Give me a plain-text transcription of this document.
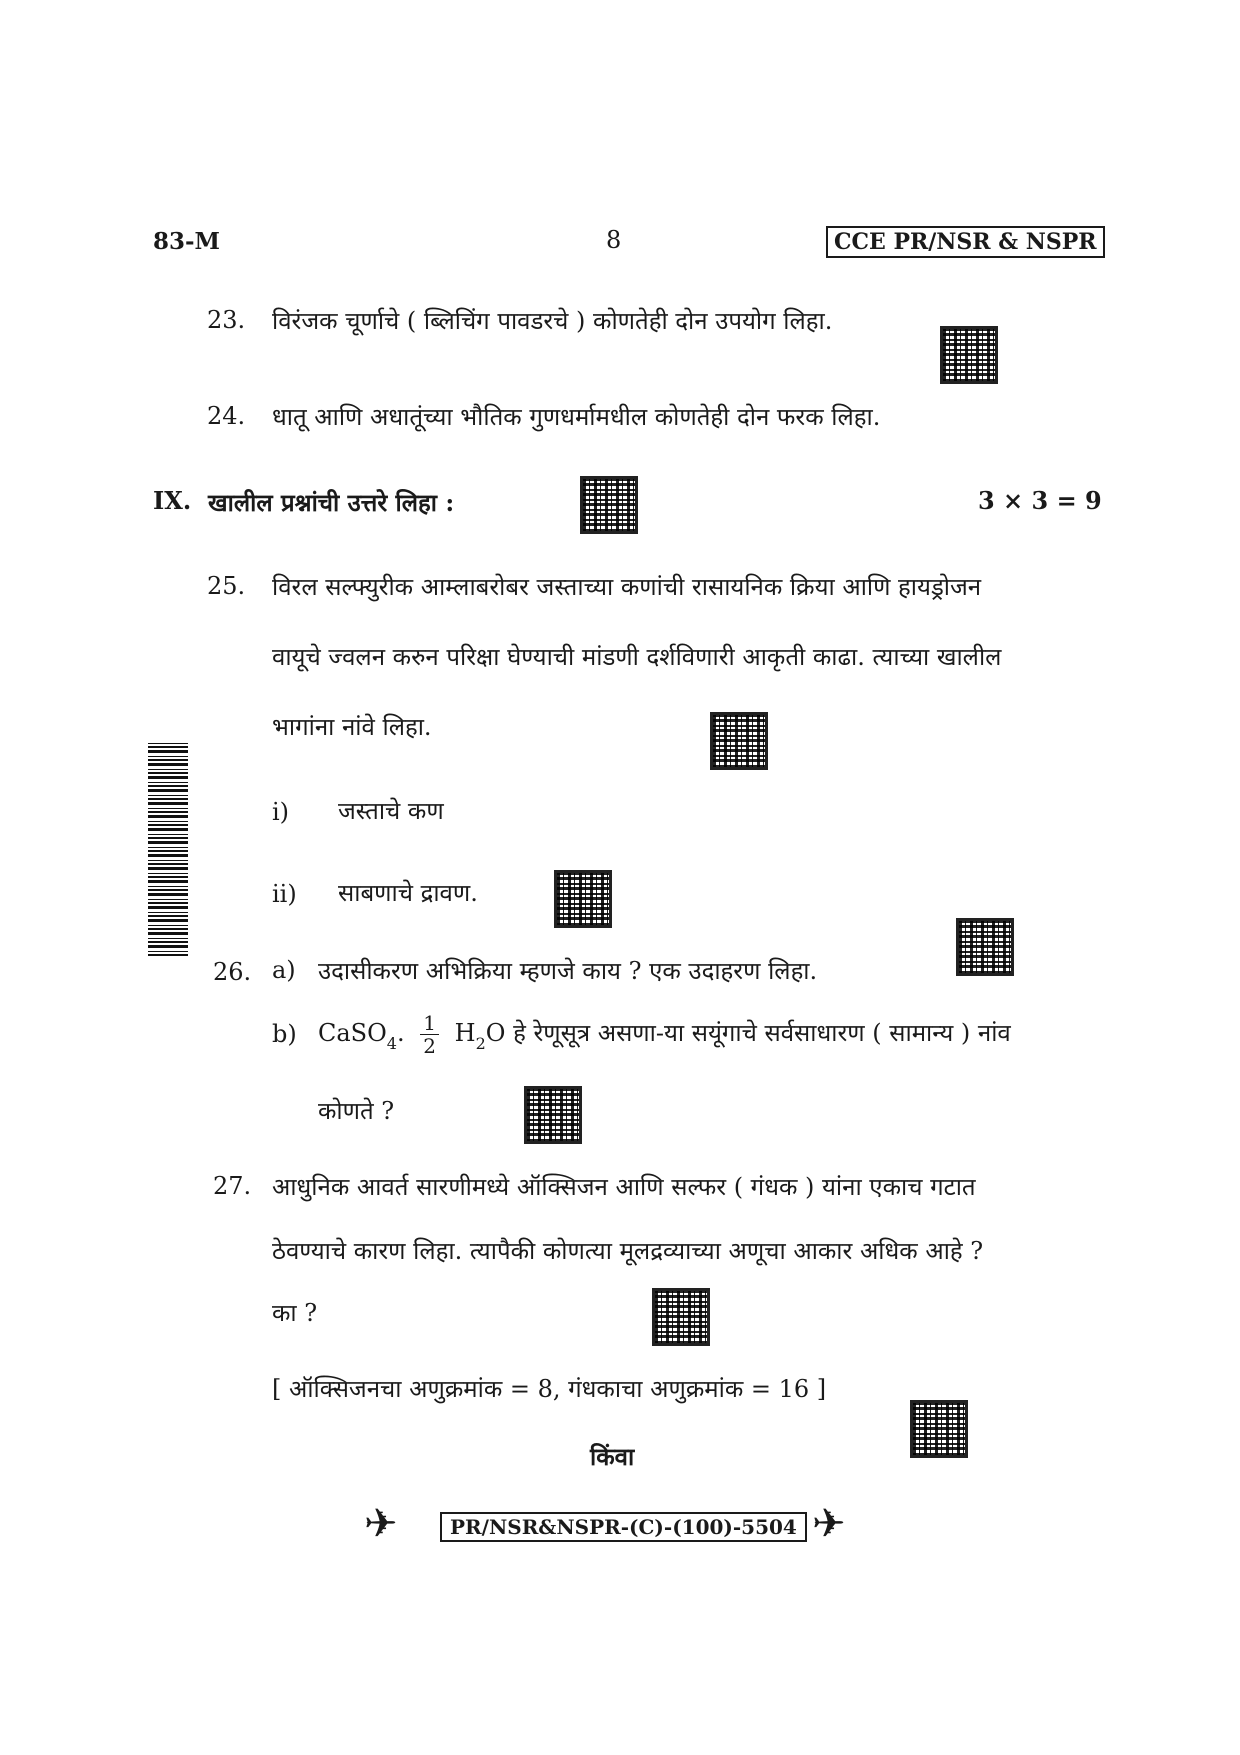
83-M	8	CCE PR/NSR & NSPR
23. विरंजक चूर्णाचे ( ब्लिचिंग पावडरचे ) कोणतेही दोन उपयोग लिहा.
24. धातू आणि अधातूंच्या भौतिक गुणधर्मामधील कोणतेही दोन फरक लिहा.
IX. खालील प्रश्नांची उत्तरे लिहा :	3 × 3 = 9
25. विरल सल्फ्युरीक आम्लाबरोबर जस्ताच्या कणांची रासायनिक क्रिया आणि हायड्रोजन
वायूचे ज्वलन करुन परिक्षा घेण्याची मांडणी दर्शविणारी आकृती काढा. त्याच्या खालील
भागांना नांवे लिहा.
i) जस्ताचे कण
ii) साबणाचे द्रावण.
26. a) उदासीकरण अभिक्रिया म्हणजे काय ? एक उदाहरण लिहा.
b) CaSO$_4$. $\frac{1}{2} H_2O$ हे रेणूसूत्र असणा-या सयूंगाचे सर्वसाधारण ( सामान्य ) नांव
कोणते ?
27. आधुनिक आवर्त सारणीमध्ये ऑक्सिजन आणि सल्फर ( गंधक ) यांना एकाच गटात
ठेवण्याचे कारण लिहा. त्यापैकी कोणत्या मूलद्रव्याच्या अणूचा आकार अधिक आहे ?
का ?
[ ऑक्सिजनचा अणुक्रमांक = 8, गंधकाचा अणुक्रमांक = 16 ]
किंवा
✈	PR/NSR&NSPR-(C)-(100)-5504 ✈
